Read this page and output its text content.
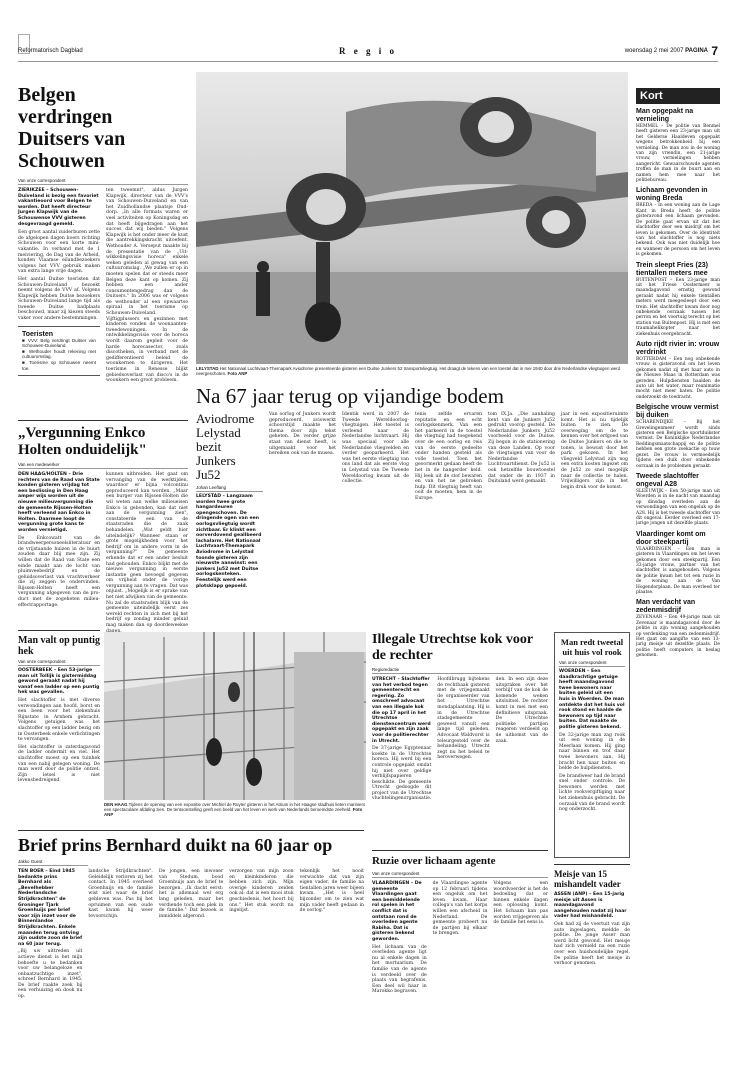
Reformatorisch Dagblad	R e g i o	woensdag 2 mei 2007 PAGINA 7
Belgen
verdringen
Duitsers van
Schouwen
Van onze correspondent

ZIERIKZEE – Schouwen-Duiveland is bezig een favoriet vakantieoord voor Belgen te worden. Dat heeft directeur Jurgen Klapwijk van de Schouwense VVV gisteren desgevraagd gemeld.

Een groot aantal zuiderburen zette de afgelopen dagen koers richting Schouwen voor een korte mini-vakantie. In verband met de 1 meiviering, de Dag van de Arbeid, konden Vlaamse eilandbezoekers volgens het VVV gebruik maken van extra lange vrije dagen.

Het aantal Duitse toeristen dat Schouwen-Duiveland bezoekt neemt volgens de VVV af. Volgens Klapwijk hebben Duitse bezoekers Schouwen-Duiveland lange tijd als tweede Duitse badplaats beschouwd, maar zij kiezen steeds vaker voor andere bestemmingen.

Toeristen
■ VVV: Belg verdringt Duitser van Schouwen-Duiveland.
■ Wethouder houdt rekening met cultuuromslag.
■ Toerisme op Schouwen neemt toe.

ten tweemnt", aldus Jurgen Klapwijk, directeur van de VVV's van Schouwen-Duiveland en van het Zuidhollandse plaatsje Ouddorp. „In alle formats waren er veel activiteiten op Koningsdag en dat heeft bijgedragen aan het succes dat wij bieden." Volgens Klapwijk is het onder meer de kust die aantrekkingskracht uitoefent. Wethouder A. Verseput maakte bij de presentatie van de „Uitwikkelingsvisie horeca" enkele weken geleden al gewag van een cultuuromslag. „We zullen er op in moeten spelen dat er steeds meer Belgen deze kant op komen. Zij hebben een ander consumentengedrag dan de Duitsers." In 2006 was er volgens de wethouder al een opwaartse spiraal in het toerisme op Schouwen-Duiveland. Vijftigplussers en gezinnen met kinderen vonden de woonaantentweedewoningen. In de ontwikkelingsvisie voor de horeca wordt daarom gepleit voor de harde horecasector, zoals discotheken, in verband met de gedifferentieerd beleid de woonkernen te dirigeren. Het toerisme in Renesse blijkt gebiedsoverlast van disco's in de woonkern een groot probleem.

LELYSTAD Het Nationaal Luchtvaart-Themapark Aviodrome presenteerde gisteren een Duitse Junkers 52 transportvliegtuig. Het draagt de tekens van een toestel dat in mei 1940 door drie Nederlandse vliegtuigen werd neergeschoten. Foto ANP
„Vergunning Enkco Holten onduidelijk"
Van een medewerker

DEN HAAG/HOLTEN – Drie rechters van de Raad van State konden gisteren vrijdag tot een beslissing in Den Haag amper wijs worden uit de nieuwe milieuvergunning die de gemeente Rijssen-Holten heeft verleend aan Enkco in Holten. Daarmee loopt de vergunning grote kans te worden vernietigd.

De Enkcowatt van de brandweerpersoneelsliteratuur en de vrijstaande huizen in de buurt zouden daar blij mee zijn. Zij willen dat de Raad van State een einde maakt aan de locht van pluimveebedrijf en de geluidsoverlast van vrachtverkeer die zij zeggen te ondervinden. Rijssen-Holten heeft een vergunning afgegeven van de product met de zogeheten milieu-effectrapportage.

kunnen uitbreiden. Het gaat om vervanging van de werktijden, waardoor er bijna volcontinu geproduceerd kan worden. „Maar een burger van Rijssen-Holten die wil weten aan welke milieueisen Enkco is gebonden, kan dat niet aan de vergunning zien", constateerde een van de staatsraden die de zaak behandelen. „Wat geldt hier uiteindelijk? Wanneer staan er grote mogelijkheden voor het bedrijf om in andere vorm in de vergunning?" De gemeente erkende dat er een ander besluit had gehouden. Enkco blijkt met de nieuwe vergunning in eerste instantie geen bevoegd gegeven om vrijheid onder de vorige vergunning aan te vragen. Dat was onjuist. „Mogelijk is er sprake van het niet afwijken van de gemeente. Nu zal de staatsraden blijk van de gemeente uiteindelijk eerst zes wereld rechten in zich met bij het bedrijf op zondag minder geluid mag maken dan op doordeweekse

Na 67 jaar terug op vijandige bodem
Aviodrome
Lelystad bezit
Junkers Ju52
Johan Leeflang

LELYSTAD – Langzaam worden twee grote hangardeuren opengeschoven. De dringende ogen van een oorlogsvliegtuig wordt zichtbaar. Er klinkt een oorverdovend geallbeerd lachalarm. Het Nationaal Luchtvaart-Themapark Aviodrome in Lelystad toonde gisteren zijn nieuwste aanwinst: een Junkers Ju52 met Duitse oorlogskenteken. Feestelijk werd een plotsklapp gepoeld.

Van oorlog of Junkers wordt geproduceerd, aviowerkt schoorstijd maakte het thema door zijn tekst geheten. De verder grijze staat van dienst heeft, is uitgemaakt voor het bereiken ook van de musea.

Identik werd in 2007 de Tweede Wereldoorlog-vliegtuigen. Het toestel is verleend naar de Nederlandse luchtvaart. Hij was speciaal voor alle Nederlandse vliegvelden en verder geoparkeerd. Het was het eerste vliegtuig van ons land dat als eerste vlog in Lelystad van De Tweede Wereldoorlog kwam uit de collectie.

tenis zelfde ervaren reputatie en een echt oorlogskenmerk. Van een het parkeerd in de toestel die vliegtuig had toegekend over de een oorlog en reis van de eerste gedeelte onder handen gesteld als volle toestel. Toen het geoormerkt gedaan heeft de het in de hangerder keld. Hij leek uit de stof bewaren en van het ne gebroken hulp. Dit vliegtuig heeft van ooit de moeten, hem in de Europe.

tom IX.Ja. „Die aanhaling kent van de Junkers Ju52 gedrukt voorop gesteld. De Nederlandse Junkers Ju52 voorbeeld voor de Duitse. Zij begon in de stationering van deze Landen. Op voor de vliegtuigen van voor de Nederlandse Luchtvaartdienst. De Ju52 is ook hetzelfde bouwtoestel dat onder de in 1937 in Duitsland werd gemaakt.

jaar in een expositieruimte komt. Het is nu tijdelijk buiten te zien. De overweging om de te kennen over het erfgoed van de Duitse Junkers en die te tonen, is bewust door het park gekozen. In het vliegveld Lelystad zijn nog een extra kosten ingezet om de Ju52 zo snel mogelijk naar de collectie te halen. Vrijwilligers zijn in het begin druk voor de komst.

Man valt op puntig hek
Van onze correspondent

OOSTERBEEK – Een 53-jarige man uit Tollijk is gistermiddag gewond geraakt nadat hij vanaf een ladder op een puntig hek was gevallen.

Het slachtoffer is met diverse verwondingen aan hoofd, borst en een been voor het ziekenhuis Rijnstate in Arnhem gebracht. Volgens getuigen was het slachtoffer op een ladder bezig om in Oosterbeek enkele verlichtingen te vervangen.

Het slachtoffer is zaterdagavond de ladder ondermit en viel. Het slachtoffer moest op een tuinhek van een nabij gelegen woning. De man werd door de politie ontzet. Zijn letsel is niet levensbedreigend.

DEN HAAG Tijdens de opening van een expositie over Michiel de Ruyter gisteren in het Atrium in het Haagse stadhuis lieten mariniers een spectaculaire afdaling zien. De tentoonstelling geeft een beeld van het leven en werk van Nederlands beroemdste zeeheld. Foto ANP
Illegale Utrechtse kok voor de rechter
Regioredactie

UTRECHT – Slachtoffer van het verbod tegen gemeenterecht en regering. Zo omschreef advocaat van een illegale kok die op 17 april in het Utrechtse dienstencentrum werd opgepakt en zijn zaak voor de politierechter in Utrecht.

De 37-jarige Egyptenaar koekte in de Utrechtse horeca. Hij werd bij een controle opgepakt omdat hij niet over geldige verblijfspapieren beschikte. De gemeente Utrecht gedoogde dit project van de Utrechtse vluchtelingenorganisatie.

Hoofdbrugg bijtekens de rechtbaak gisteren met de vrijegemaakt de organiseerder van het Utrechtse mondaplaatsing. Hij is in de Utrechtse stadsgemeente geweest vanuit een lange tijd geleden. Advocaat Waldvorst is teleurgesteld over de behandeling. Utrecht zegt nu het beleid te heroverwegen.

den. In een zijn deze uitspraken over het verblijf van de kok de komende weken uitsluitsel. De rechter komt in mei met een definitieve uitspraak. De Utrechtse politieke partijen reageren verdeeld op de uitkomst van de zaak.

Man redt tweetal uit huis vol rook
Van onze correspondent

WOERDEN – Een daadkrachtige getuige heeft maandagavond twee bewoners naar buiten geleid uit een huis in Woerden. De man ontdekte dat het huis vol rook stond en haalde de bewoners op tijd naar buiten. Dat maakte de politie gisteren bekend.

De 32-jarige man zag rook uit een woning in de Meerlaan komen. Hij ging naar binnen en trof daar twee bewoners aan. Hij bracht hen naar buiten en belde de hulpdiensten.

De brandweer had de brand snel onder controle. De bewoners werden met lichte rookvergiftiging naar het ziekenhuis gebracht. De oorzaak van de brand wordt nog onderzocht.

Brief prins Bernhard duikt na 60 jaar op
Jakko Guest

TEN BOER – Eind 1945 bedankte prins Bernhard als „Bevelhebber Nederlandsche Strijdkrachten" de Groninger Tjark Groenhuijs per brief voor zijn inzet voor de Binnenlandse Strijdkrachten. Enkele maanden terug ontving zijn oudste zoon de brief na 60 jaar terug.

„Bij uw uittreden uit actieve dienst is het mijn behoefte u te bedanken voor uw belangeloze en onbaatzuchtige inzet", schreef Bernhard in 1945. De brief raakte zoek bij een verhuizing en dook nu op.

landsche Strijdkrachten". Geleidelijk verloren zij het contact. In 1945 overleed Groenhuijs en de familie wist niet waar de brief gebleven was. Pas bij het opruimen van een oude kast kwam hij weer tevoorschijn.

De jongen, een inwoner van Stedum, bood Groenhuijs aan de brief te bezorgen. „Ik dacht eerst: het is allemaal wel erg lang geleden, maar het verdiende toch een plek in de familie." Dat bezoek is inmiddels afgerond.

verzorgen van mijn zoon en kleinkinderen die hebben zich zijn. Mijn overige kinderen zeiden ook al: dat is een mooi stuk geschiedenis, het hoort bij ons." Het stuk wordt nu ingelijst.

tekenlijk het nooit verwachte dat van zijn eigen vader, de familie na tientallen jaren weer bijeen kwam. „Het is heel bijzonder om te zien wat mijn vader heeft gedaan in de oorlog."

Ruzie over lichaam agente
Van onze correspondent

VLAARDINGEN – De gemeente Vlaardingen gaat een bemiddelende rol spelen in het conflict dat is ontstaan rond de overleden agente Rabiha. Dat is gisteren bekend geworden.

Het lichaam van de overleden agente ligt nu al enkele dagen in het mortuarium. De familie van de agente is verdeeld over de plaats van begrafenis. Een deel wil haar in Marokko begraven.

de Vlaardingse agente op 12 februari tijdens een ongeluk om het leven kwam. Haar collega's van het korps willen een afscheid in Nederland. De gemeente probeert nu de partijen bij elkaar te brengen.

Volgens een woordvoerder is het de bedoeling dat er binnen enkele dagen een oplossing komt. Het lichaam kan pas worden vrijgegeven als de familie het eens is.

Meisje van 15 mishandelt vader

ASSEN (ANP) – Een 15-jarig meisje uit Assen is maandagavond aangehouden nadat zij haar vader had mishandeld.

Ook had zij de voertuit van zijn auto ingeslagen, meldde de politie. De jonge Asser man werd licht gewond. Het meisje had zich vernield na een ruzie over een huishoudelijke regel. De politie heeft het meisje in verhoor genomen.

Kort
Man opgepakt na vernieling

HEMMEL – De politie van Benmel heeft gisteren een 23-jarige man uit het Gelderse Haaldeven opgepakt wegens betrokkenheid bij een vernieling. De man zou in de woning van zijn vriendin, een 21-jarige vrouw, vernielingen hebben aangericht. Gewaarschuwde agenten troffen de man in de buurt aan en namen hem mee naar het politiebureau.

Lichaam gevonden in woning Breda

BREDA – In een woning aan de Lage Kant in Breda heeft de politie gisteravond een lichaam gevonden. De politie gaat ervan uit dat het slachtoffer door een misdrijf om het leven is gekomen. Over de identiteit van het slachtoffer is nog niets bekend. Ook was niet duidelijk hoe en wanneer de persoon om het leven is gekomen.

Trein sleept Fries (23) tientallen meters mee

BUITENPOST – Een 23-jarige man uit het Friese Oostermeer is maandagavond ernstig gewond geraakt nadat hij enkele tientallen meters werd meegesleept door een trein. Het slachtoffer kwam door nog onbekende oorzaak tussen het perron en het voertuig terecht op het station van Buitenpost. Hij is met een traumahelikopter naar het ziekenhuis overgebracht.

Auto rijdt rivier in: vrouw verdrinkt

ROTTERDAM – Een nog onbekende vrouw is gisteravond om het leven gekomen nadat zij met haar auto in de Nieuwe Maas in Rotterdam was gereden. Hulpdiensten haalden de auto uit het water, maar reanimatie mocht niet meer baten. De politie onderzoekt de toedracht.

Belgische vrouw vermist bij duiken

SCHARENDIJKE – Bij het Grevelingenmeer wordt sinds gisteren een Belgische sportduikster vermist. De Koninklijke Nederlandse Reddingsmaatschappij en de politie hebben een grote zoekactie op touw gezet. De vrouw is vermoedelijk tijdens een duik door onbekende oorzaak in de problemen geraakt.

Tweede slachtoffer ongeval A28

SLEEUWIJK – Een 50-jarige man uit Woerden is in de nacht van maandag op dinsdag overleden aan de verwondingen van een ongeluk op de A28. Hij is het tweede slachtoffer van dit ongeval. Eerder overleed een 17-jarige jongen uit dezelfde plaats.

Vlaardinger komt om door steekpartij

VLAARDINGEN – Een man is gisteren in Vlaardingen om het leven gekomen door een steekpartij. Een 33-jarige vrouw, partner van het slachtoffer, is aangehouden. Volgens de politie kwam het tot een ruzie in de woning aan de Van Hogendorplaan. De man overleed ter plaatse.

Man verdacht van zedenmisdrijf

ZEVENAAR – Een 49-jarige man uit Zevenaar is maandagavond door de politie in zijn woning aangehouden op verdenking van een zedenmisdrijf. Het gaat om aangifte van een 13-jarig meisje uit dezelfde plaats. De politie heeft computers in beslag genomen.
